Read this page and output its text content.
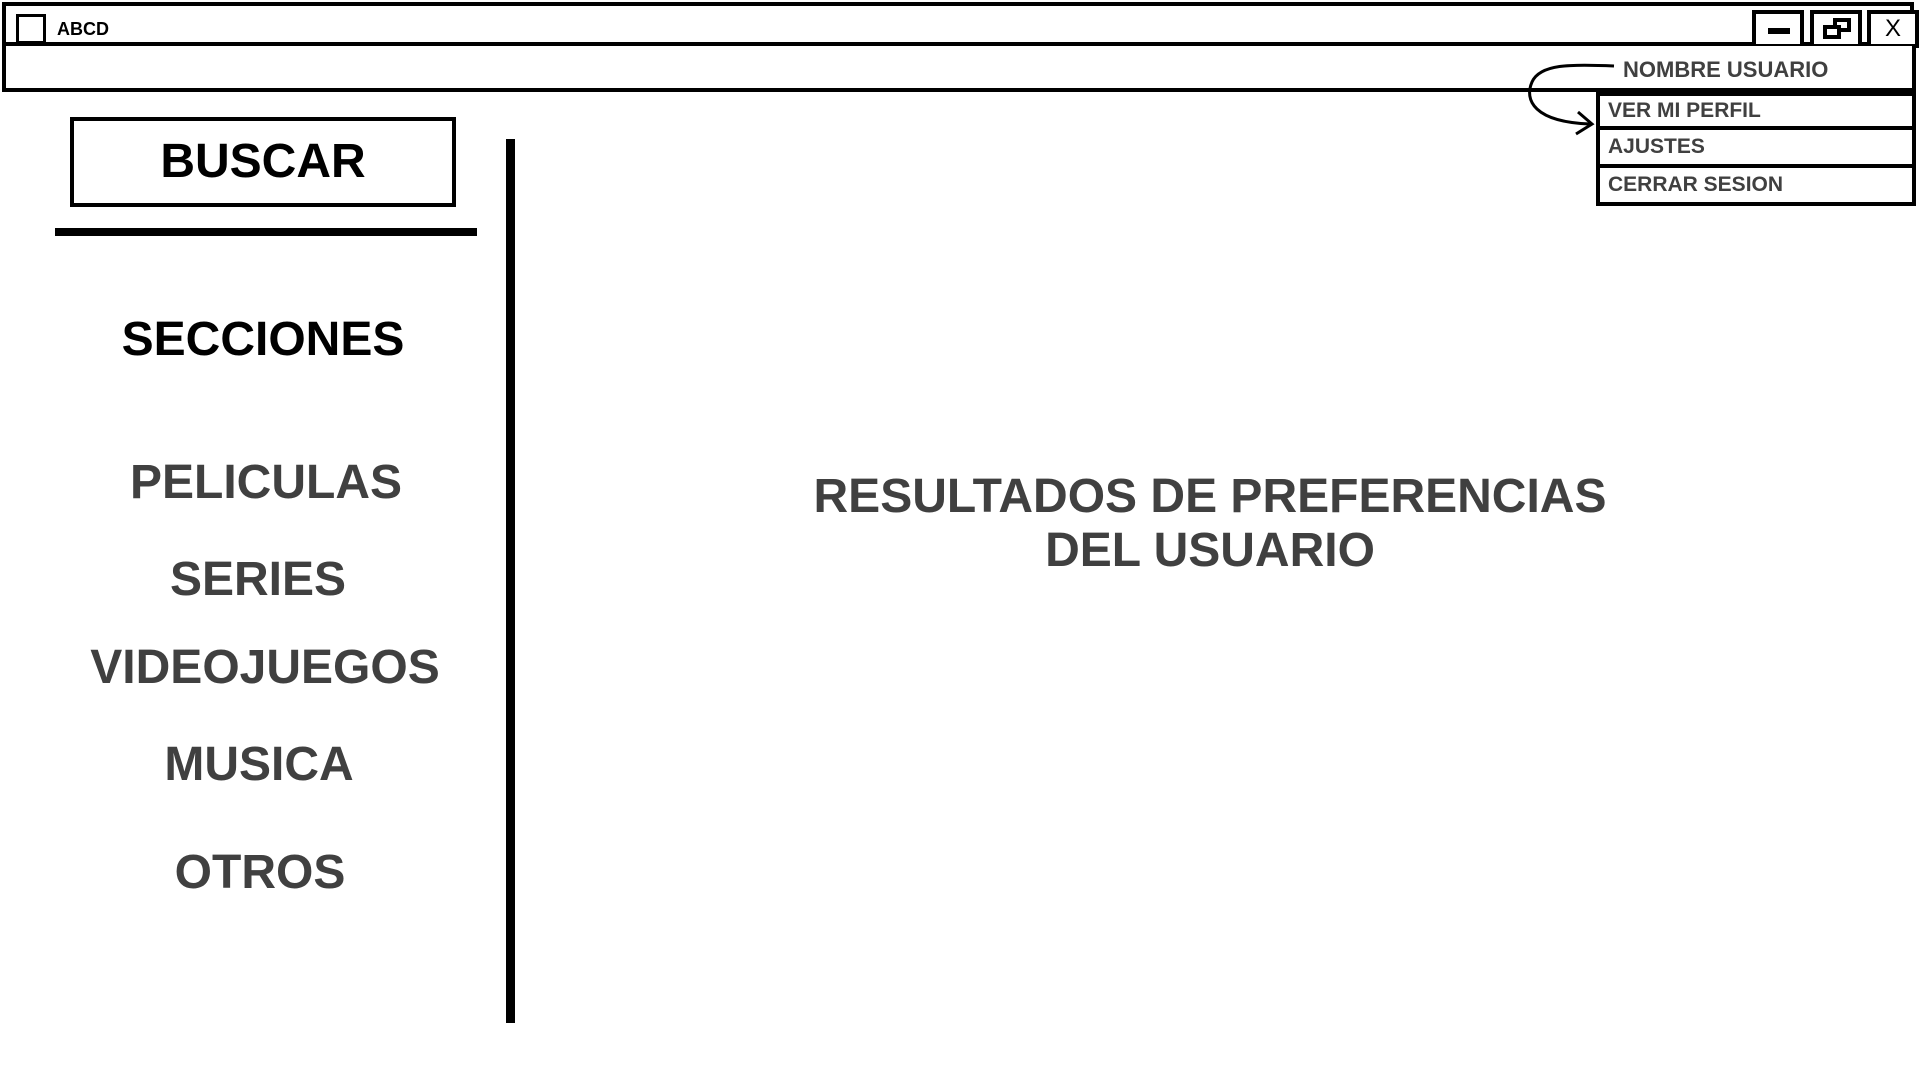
ABCD	X
NOMBRE USUARIO
VER MI PERFIL
AJUSTES
CERRAR SESION
BUSCAR
SECCIONES
PELICULAS
SERIES
VIDEOJUEGOS
MUSICA
OTROS
RESULTADOS DE PREFERENCIAS
DEL USUARIO
